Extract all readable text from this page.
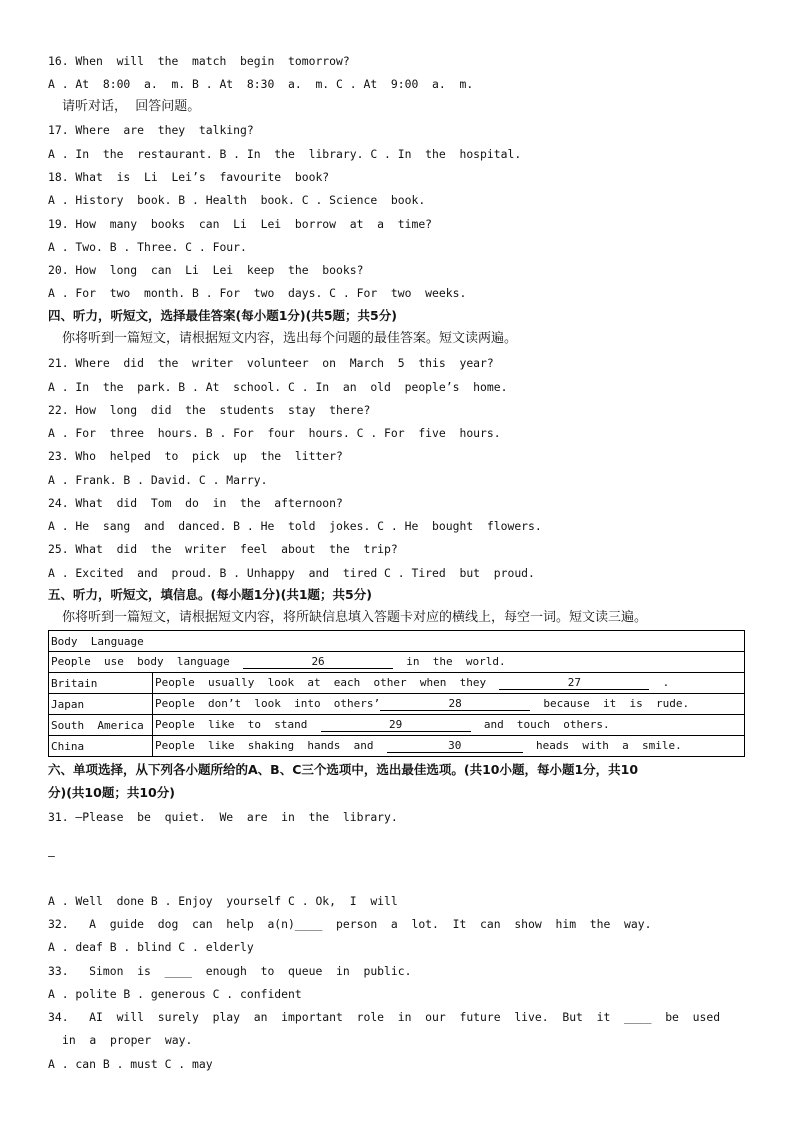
16. When  will  the  match  begin  tomorrow?
A . At  8:00  a.  m. B . At  8:30  a.  m. C . At  9:00  a.  m.
请听对话，  回答问题。
17. Where  are  they  talking?
A . In  the  restaurant. B . In  the  library. C . In  the  hospital.
18. What  is  Li  Lei’s  favourite  book?
A . History  book. B . Health  book. C . Science  book.
19. How  many  books  can  Li  Lei  borrow  at  a  time?
A . Two. B . Three. C . Four.
20. How  long  can  Li  Lei  keep  the  books?
A . For  two  month. B . For  two  days. C . For  two  weeks.
四、听力，听短文，选择最佳答案(每小题1分)(共5题；共5分)
你将听到一篇短文，请根据短文内容，选出每个问题的最佳答案。短文读两遍。
21. Where  did  the  writer  volunteer  on  March  5  this  year?
A . In  the  park. B . At  school. C . In  an  old  people’s  home.
22. How  long  did  the  students  stay  there?
A . For  three  hours. B . For  four  hours. C . For  five  hours.
23. Who  helped  to  pick  up  the  litter?
A . Frank. B . David. C . Marry.
24. What  did  Tom  do  in  the  afternoon?
A . He  sang  and  danced. B . He  told  jokes. C . He  bought  flowers.
25. What  did  the  writer  feel  about  the  trip?
A . Excited  and  proud. B . Unhappy  and  tired C . Tired  but  proud.
五、听力，听短文，填信息。(每小题1分)(共1题；共5分)
你将听到一篇短文，请根据短文内容，将所缺信息填入答题卡对应的横线上，每空一词。短文读三遍。
Body  Language	
People  use  body  language 26 in  the  world.	
Britain	People  usually  look  at  each  other  when  they 27 .
Japan	People  don’t  look  into  others’ 28 because  it  is  rude.
South  America	People  like  to  stand 29 and  touch  others.
China	People  like  shaking  hands  and 30 heads  with  a  smile.
六、单项选择，从下列各小题所给的A、B、C三个选项中，选出最佳选项。(共10小题，每小题1分，共10
分)(共10题；共10分)
31. —Please  be  quiet.  We  are  in  the  library.
—
A . Well  done B . Enjoy  yourself C . Ok,  I  will
32.   A  guide  dog  can  help  a(n)____  person  a  lot.  It  can  show  him  the  way.
A . deaf B . blind C . elderly
33.   Simon  is  ____  enough  to  queue  in  public.
A . polite B . generous C . confident
34.   AI  will  surely  play  an  important  role  in  our  future  live.  But  it  ____  be  used
in  a  proper  way.
A . can B . must C . may
